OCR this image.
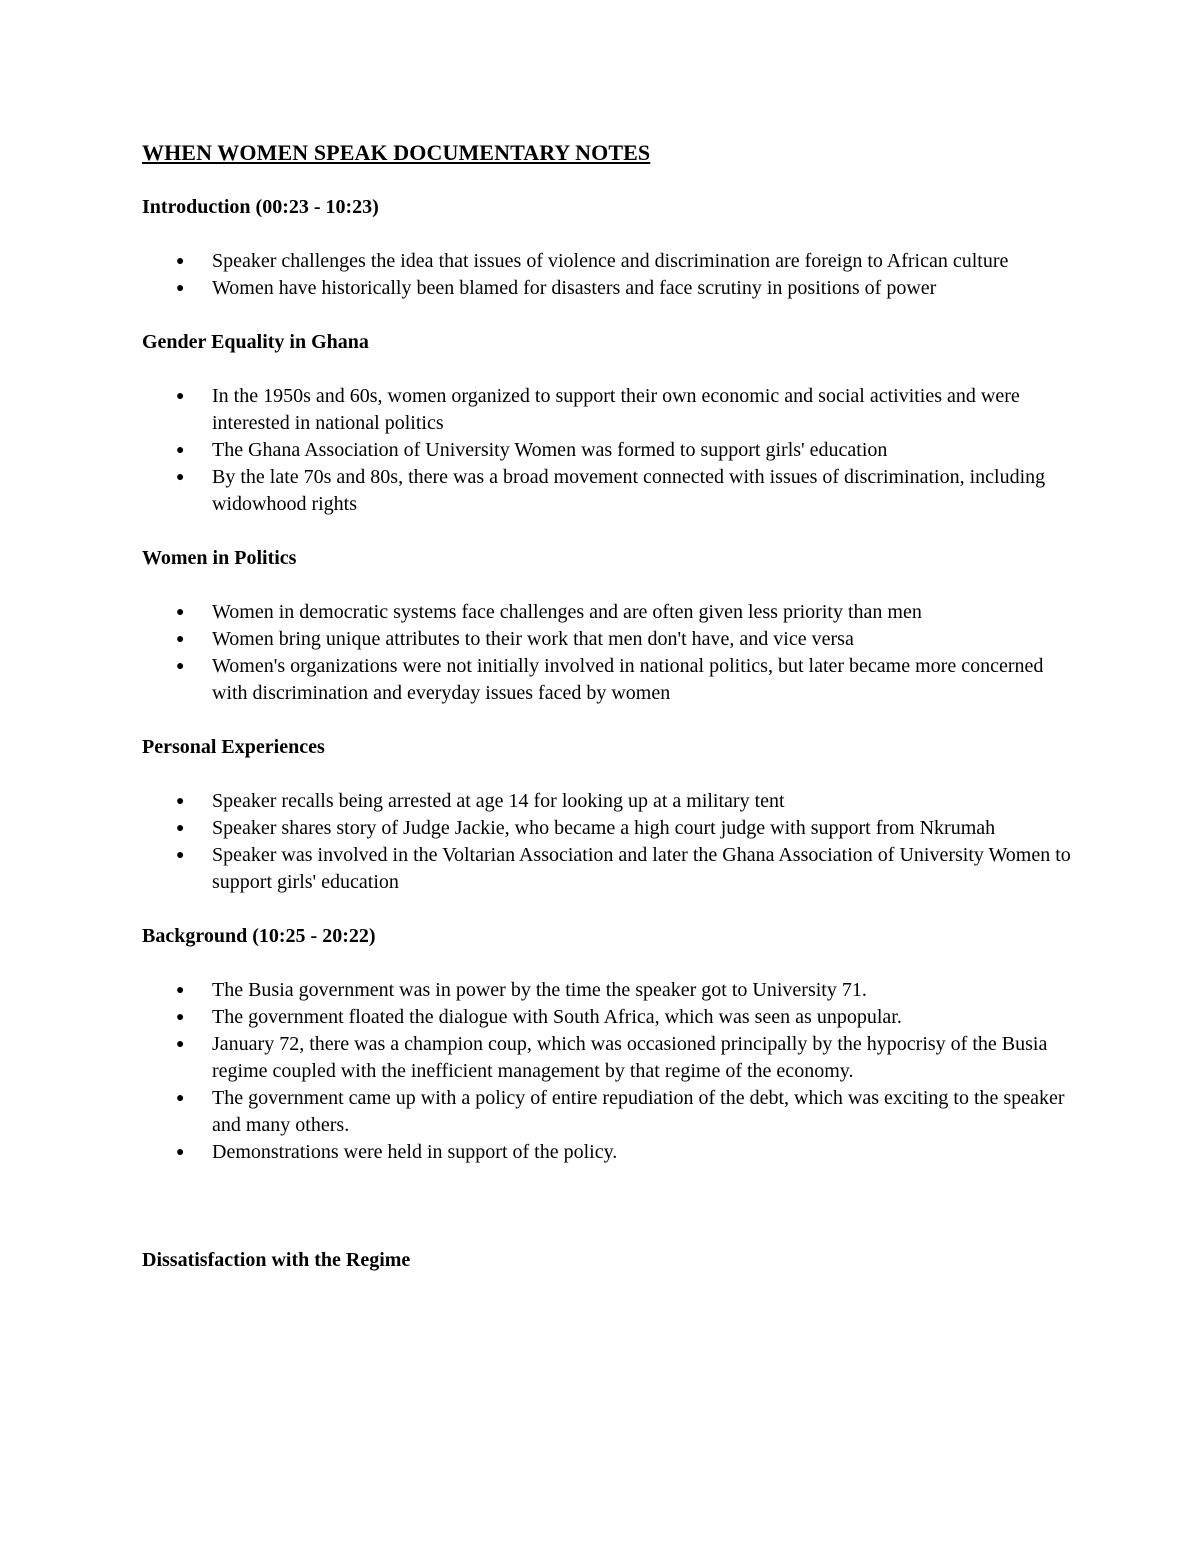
WHEN WOMEN SPEAK DOCUMENTARY NOTES
Introduction (00:23 - 10:23)
● Speaker challenges the idea that issues of violence and discrimination are foreign to African culture
● Women have historically been blamed for disasters and face scrutiny in positions of power
Gender Equality in Ghana
● In the 1950s and 60s, women organized to support their own economic and social activities and were interested in national politics
● The Ghana Association of University Women was formed to support girls' education
● By the late 70s and 80s, there was a broad movement connected with issues of discrimination, including widowhood rights
Women in Politics
● Women in democratic systems face challenges and are often given less priority than men
● Women bring unique attributes to their work that men don't have, and vice versa
● Women's organizations were not initially involved in national politics, but later became more concerned with discrimination and everyday issues faced by women
Personal Experiences
● Speaker recalls being arrested at age 14 for looking up at a military tent
● Speaker shares story of Judge Jackie, who became a high court judge with support from Nkrumah
● Speaker was involved in the Voltarian Association and later the Ghana Association of University Women to support girls' education
Background (10:25 - 20:22)
● The Busia government was in power by the time the speaker got to University 71.
● The government floated the dialogue with South Africa, which was seen as unpopular.
● January 72, there was a champion coup, which was occasioned principally by the hypocrisy of the Busia regime coupled with the inefficient management by that regime of the economy.
● The government came up with a policy of entire repudiation of the debt, which was exciting to the speaker and many others.
● Demonstrations were held in support of the policy.
Dissatisfaction with the Regime
